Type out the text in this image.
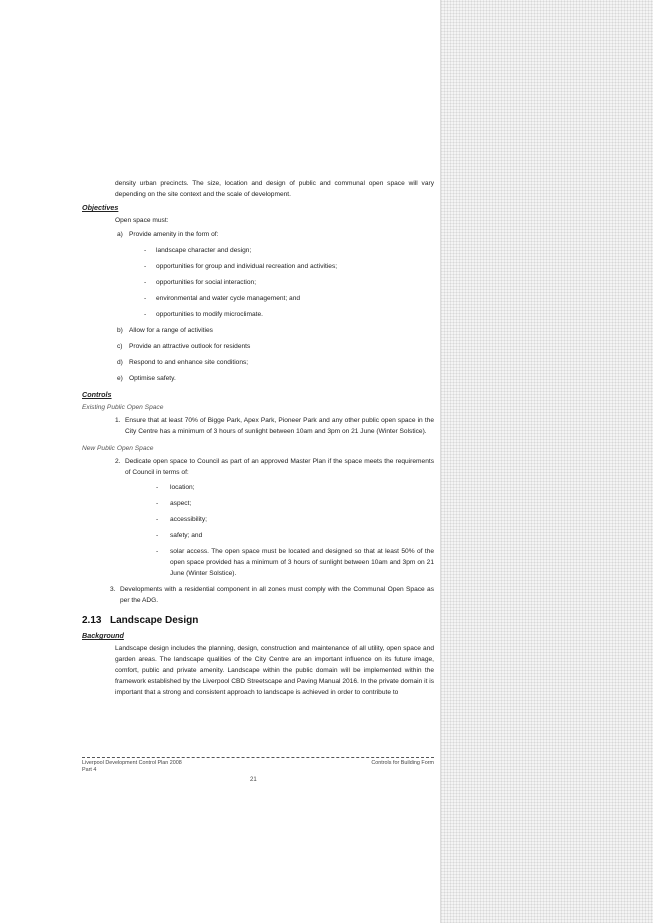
density urban precincts. The size, location and design of public and communal open space will vary depending on the site context and the scale of development.

Objectives

Open space must:

a) Provide amenity in the form of:
-	landscape character and design;
-	opportunities for group and individual recreation and activities;
-	opportunities for social interaction;
-	environmental and water cycle management; and
-	opportunities to modify microclimate.
b) Allow for a range of activities
c) Provide an attractive outlook for residents
d) Respond to and enhance site conditions;
e) Optimise safety.

Controls

Existing Public Open Space

1. Ensure that at least 70% of Bigge Park, Apex Park, Pioneer Park and any other public open space in the City Centre has a minimum of 3 hours of sunlight between 10am and 3pm on 21 June (Winter Solstice).

New Public Open Space

2. Dedicate open space to Council as part of an approved Master Plan if the space meets the requirements of Council in terms of:
-	location;
-	aspect;
-	accessibility;
-	safety; and
-	solar access. The open space must be located and designed so that at least 50% of the open space provided has a minimum of 3 hours of sunlight between 10am and 3pm on 21 June (Winter Solstice).
3. Developments with a residential component in all zones must comply with the Communal Open Space as per the ADG.

2.13 Landscape Design

Background

Landscape design includes the planning, design, construction and maintenance of all utility, open space and garden areas. The landscape qualities of the City Centre are an important influence on its future image, comfort, public and private amenity. Landscape within the public domain will be implemented within the framework established by the Liverpool CBD Streetscape and Paving Manual 2016. In the private domain it is important that a strong and consistent approach to landscape is achieved in order to contribute to

Liverpool Development Control Plan 2008
Part 4
Controls for Building Form
21
